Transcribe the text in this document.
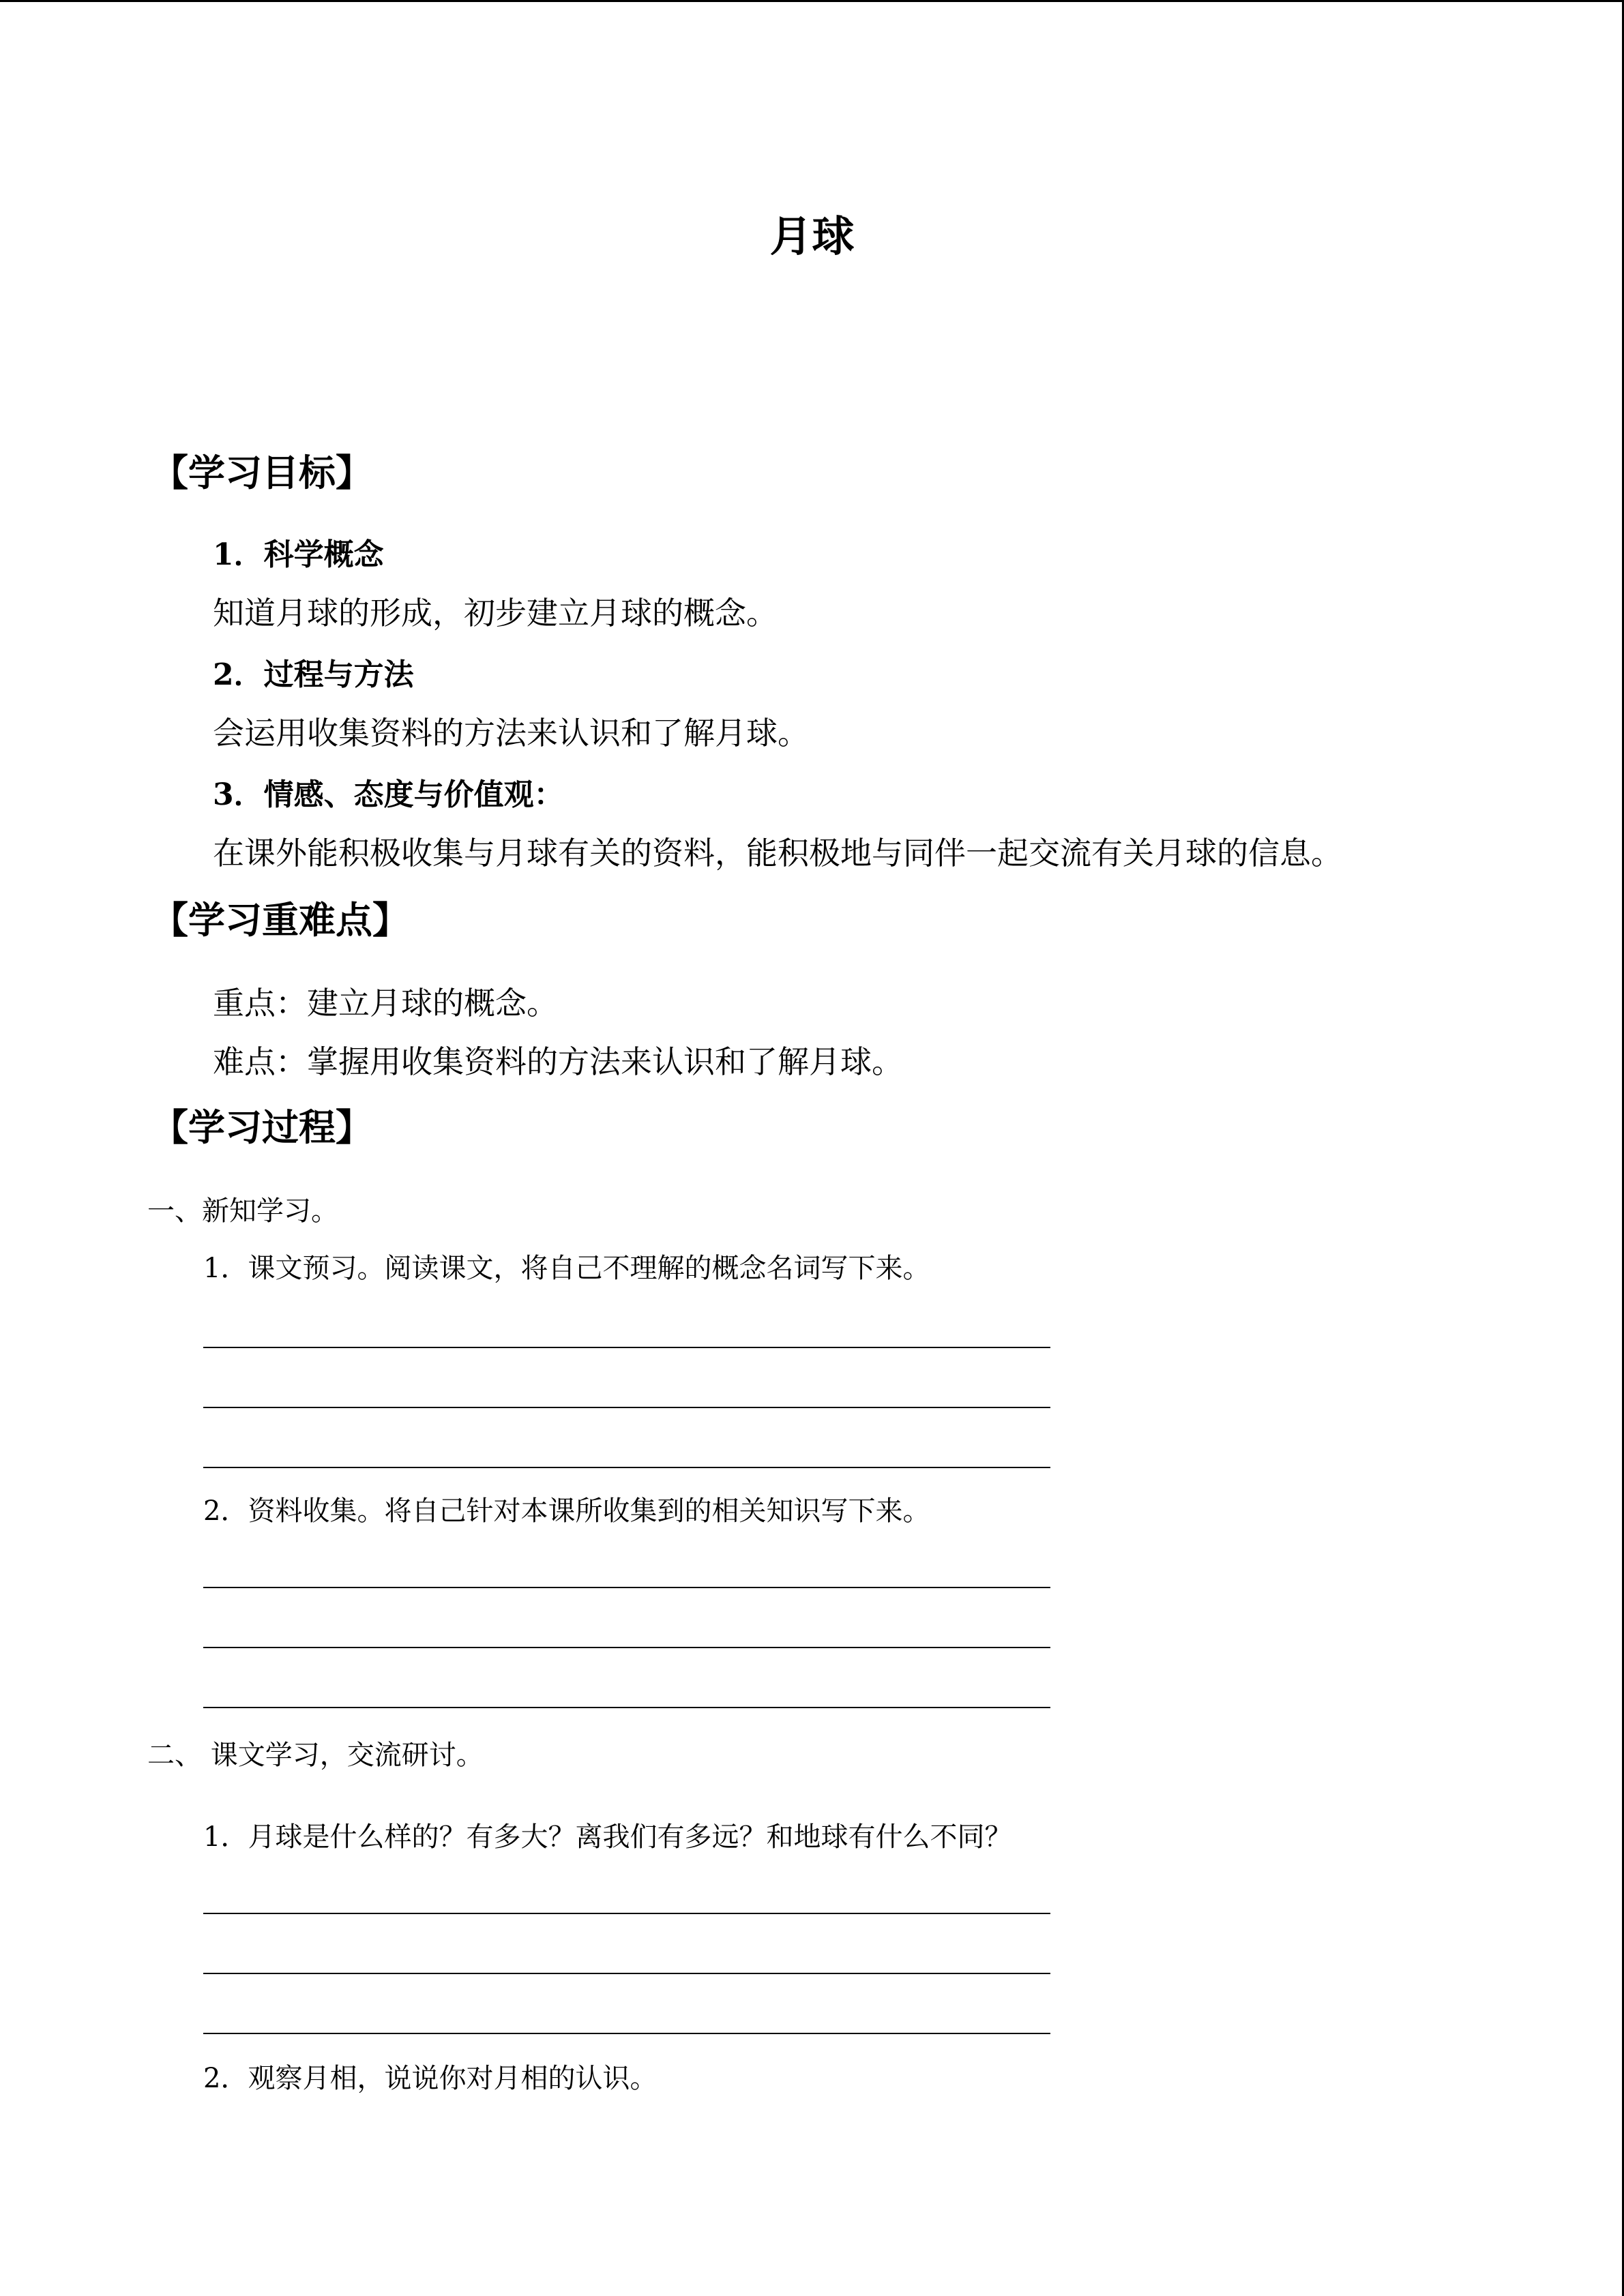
月球
【学习目标】
1．科学概念
知道月球的形成，初步建立月球的概念。
2．过程与方法
会运用收集资料的方法来认识和了解月球。
3．情感、态度与价值观：
在课外能积极收集与月球有关的资料，能积极地与同伴一起交流有关月球的信息。
【学习重难点】
重点：建立月球的概念。
难点：掌握用收集资料的方法来认识和了解月球。
【学习过程】
一、新知学习。
1．课文预习。阅读课文，将自己不理解的概念名词写下来。
2．资料收集。将自己针对本课所收集到的相关知识写下来。
二、 课文学习，交流研讨。
1．月球是什么样的？有多大？离我们有多远？和地球有什么不同？
2．观察月相，说说你对月相的认识。
